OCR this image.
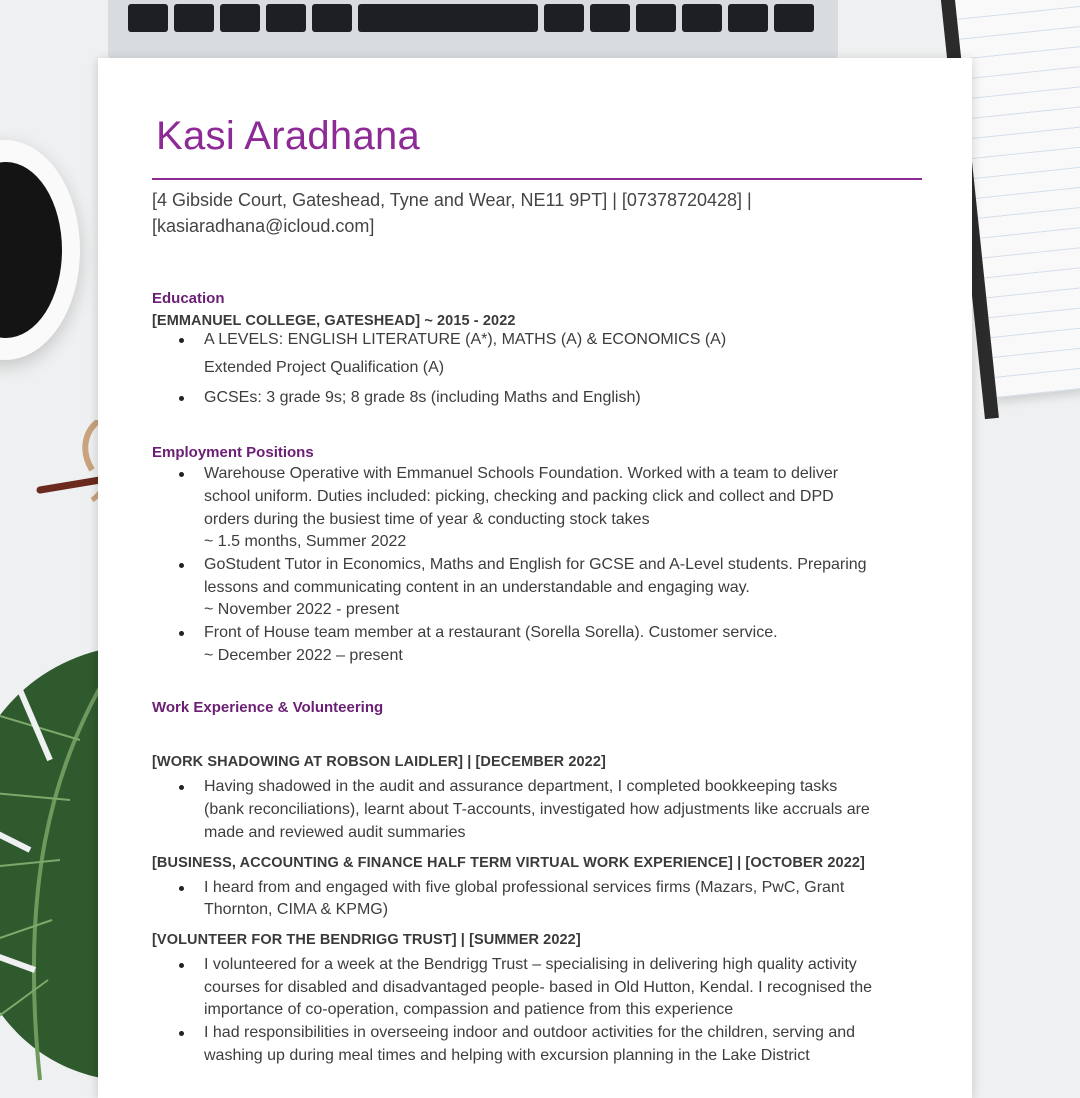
Kasi Aradhana
[4 Gibside Court, Gateshead, Tyne and Wear, NE11 9PT] | [07378720428] |
[kasiaradhana@icloud.com]
Education
[EMMANUEL COLLEGE, GATESHEAD] ~ 2015 - 2022
A LEVELS: ENGLISH LITERATURE (A*), MATHS (A) & ECONOMICS (A)
Extended Project Qualification (A)
GCSEs: 3 grade 9s; 8 grade 8s (including Maths and English)
Employment Positions
Warehouse Operative with Emmanuel Schools Foundation. Worked with a team to deliver
school uniform. Duties included: picking, checking and packing click and collect and DPD
orders during the busiest time of year & conducting stock takes
~ 1.5 months, Summer 2022
GoStudent Tutor in Economics, Maths and English for GCSE and A-Level students. Preparing
lessons and communicating content in an understandable and engaging way.
~ November 2022 - present
Front of House team member at a restaurant (Sorella Sorella). Customer service.
~ December 2022 – present
Work Experience & Volunteering
[WORK SHADOWING AT ROBSON LAIDLER] | [DECEMBER 2022]
Having shadowed in the audit and assurance department, I completed bookkeeping tasks
(bank reconciliations), learnt about T-accounts, investigated how adjustments like accruals are
made and reviewed audit summaries
[BUSINESS, ACCOUNTING & FINANCE HALF TERM VIRTUAL WORK EXPERIENCE] | [OCTOBER 2022]
I heard from and engaged with five global professional services firms (Mazars, PwC, Grant
Thornton, CIMA & KPMG)
[VOLUNTEER FOR THE BENDRIGG TRUST] | [SUMMER 2022]
I volunteered for a week at the Bendrigg Trust – specialising in delivering high quality activity
courses for disabled and disadvantaged people- based in Old Hutton, Kendal. I recognised the
importance of co-operation, compassion and patience from this experience
I had responsibilities in overseeing indoor and outdoor activities for the children, serving and
washing up during meal times and helping with excursion planning in the Lake District
